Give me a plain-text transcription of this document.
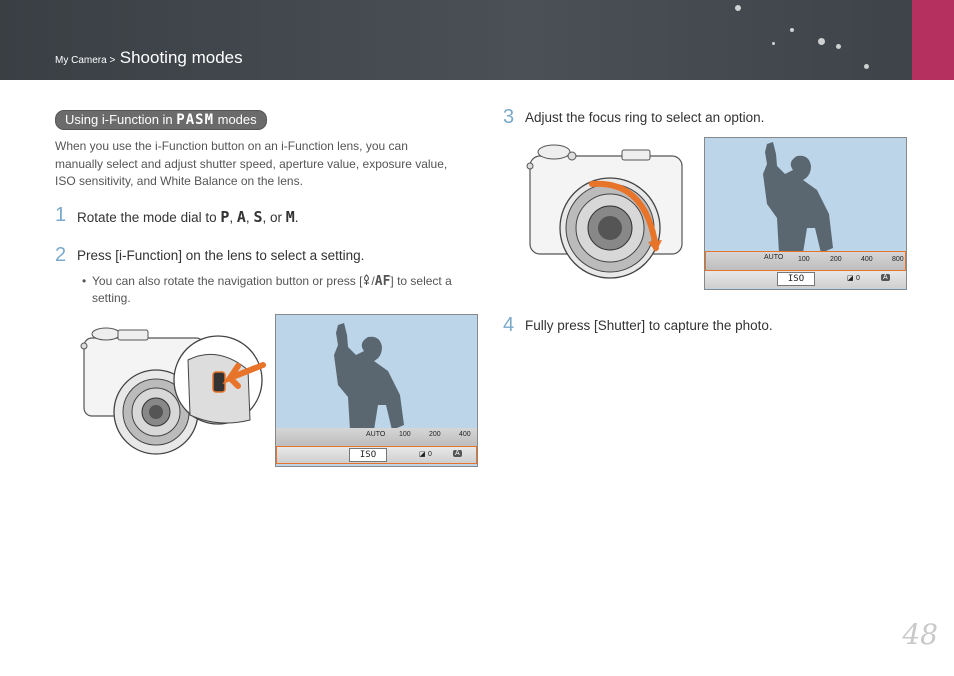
My Camera > Shooting modes
Using i-Function in PASM modes
When you use the i-Function button on an i-Function lens, you can manually select and adjust shutter speed, aperture value, exposure value, ISO sensitivity, and White Balance on the lens.
1 Rotate the mode dial to P, A, S, or M.
2 Press [i-Function] on the lens to select a setting.
• You can also rotate the navigation button or press [ /AF] to select a setting.
AUTO 100	200	400
ISO	◪ 0	A
3 Adjust the focus ring to select an option.
AUTO 100	200	400	800
ISO	◪ 0	A
4 Fully press [Shutter] to capture the photo.
48
